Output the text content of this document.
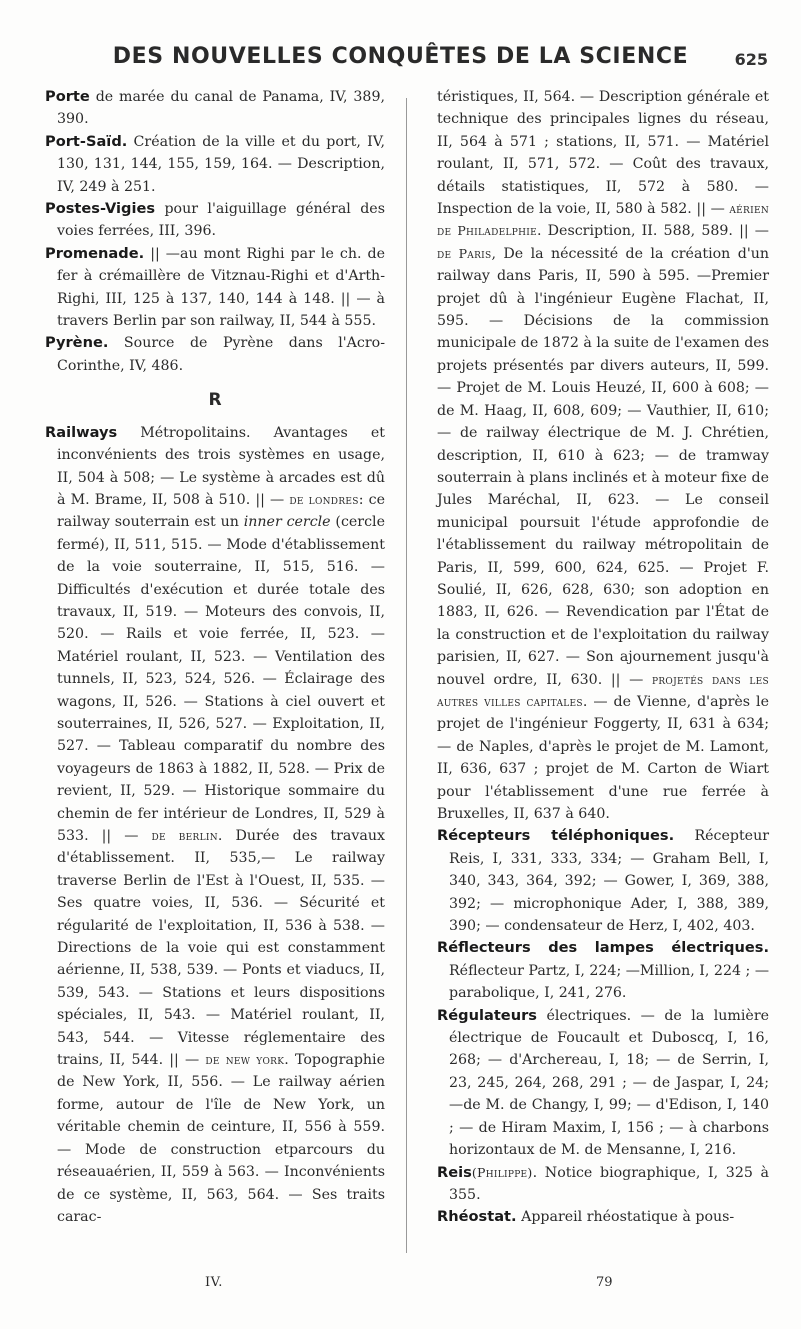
DES NOUVELLES CONQUÊTES DE LA SCIENCE	625

Porte de marée du canal de Panama, IV, 389, 390.

Port-Saïd. Création de la ville et du port, IV, 130, 131, 144, 155, 159, 164. — Description, IV, 249 à 251.

Postes-Vigies pour l'aiguillage général des voies ferrées, III, 396.

Promenade. || —au mont Righi par le ch. de fer à crémaillère de Vitznau-Righi et d'Arth-Righi, III, 125 à 137, 140, 144 à 148. || — à travers Berlin par son railway, II, 544 à 555.

Pyrène. Source de Pyrène dans l'Acro-Corinthe, IV, 486.

R

Railways Métropolitains. Avantages et inconvénients des trois systèmes en usage, II, 504 à 508; — Le système à arcades est dû à M. Brame, II, 508 à 510. || — de londres: ce railway souterrain est un inner cercle (cercle fermé), II, 511, 515. — Mode d'établissement de la voie souterraine, II, 515, 516. — Difficultés d'exécution et durée totale des travaux, II, 519. — Moteurs des convois, II, 520. — Rails et voie ferrée, II, 523. — Matériel roulant, II, 523. — Ventilation des tunnels, II, 523, 524, 526. — Éclairage des wagons, II, 526. — Stations à ciel ouvert et souterraines, II, 526, 527. — Exploitation, II, 527. — Tableau comparatif du nombre des voyageurs de 1863 à 1882, II, 528. — Prix de revient, II, 529. — Historique sommaire du chemin de fer intérieur de Londres, II, 529 à 533. || — de berlin. Durée des travaux d'établissement. II, 535,— Le railway traverse Berlin de l'Est à l'Ouest, II, 535. — Ses quatre voies, II, 536. — Sécurité et régularité de l'exploitation, II, 536 à 538. — Directions de la voie qui est constamment aérienne, II, 538, 539. — Ponts et viaducs, II, 539, 543. — Stations et leurs dispositions spéciales, II, 543. — Matériel roulant, II, 543, 544. — Vitesse réglementaire des trains, II, 544. || — de new york. Topographie de New York, II, 556. — Le railway aérien forme, autour de l'île de New York, un véritable chemin de ceinture, II, 556 à 559. — Mode de construction etparcours du réseauaérien, II, 559 à 563. — Inconvénients de ce système, II, 563, 564. — Ses traits carac-

téristiques, II, 564. — Description générale et technique des principales lignes du réseau, II, 564 à 571 ; stations, II, 571. — Matériel roulant, II, 571, 572. — Coût des travaux, détails statistiques, II, 572 à 580. — Inspection de la voie, II, 580 à 582. || — aérien de Philadelphie. Description, II. 588, 589. || — de Paris, De la nécessité de la création d'un railway dans Paris, II, 590 à 595. —Premier projet dû à l'ingénieur Eugène Flachat, II, 595. — Décisions de la commission municipale de 1872 à la suite de l'examen des projets présentés par divers auteurs, II, 599. — Projet de M. Louis Heuzé, II, 600 à 608; —de M. Haag, II, 608, 609; — Vauthier, II, 610; — de railway électrique de M. J. Chrétien, description, II, 610 à 623; — de tramway souterrain à plans inclinés et à moteur fixe de Jules Maréchal, II, 623. — Le conseil municipal poursuit l'étude approfondie de l'établissement du railway métropolitain de Paris, II, 599, 600, 624, 625. — Projet F. Soulié, II, 626, 628, 630; son adoption en 1883, II, 626. — Revendication par l'État de la construction et de l'exploitation du railway parisien, II, 627. — Son ajournement jusqu'à nouvel ordre, II, 630. || — projetés dans les autres villes capitales. — de Vienne, d'après le projet de l'ingénieur Foggerty, II, 631 à 634; — de Naples, d'après le projet de M. Lamont, II, 636, 637 ; projet de M. Carton de Wiart pour l'établissement d'une rue ferrée à Bruxelles, II, 637 à 640.

Récepteurs téléphoniques. Récepteur Reis, I, 331, 333, 334; — Graham Bell, I, 340, 343, 364, 392; — Gower, I, 369, 388, 392; — microphonique Ader, I, 388, 389, 390; — condensateur de Herz, I, 402, 403.

Réflecteurs des lampes électriques. Réflecteur Partz, I, 224; —Million, I, 224 ; — parabolique, I, 241, 276.

Régulateurs électriques. — de la lumière électrique de Foucault et Duboscq, I, 16, 268; — d'Archereau, I, 18; — de Serrin, I, 23, 245, 264, 268, 291 ; — de Jaspar, I, 24; —de M. de Changy, I, 99; — d'Edison, I, 140 ; — de Hiram Maxim, I, 156 ; — à charbons horizontaux de M. de Mensanne, I, 216.

Reis(Philippe). Notice biographique, I, 325 à 355.

Rhéostat. Appareil rhéostatique à pous-

IV.	79
